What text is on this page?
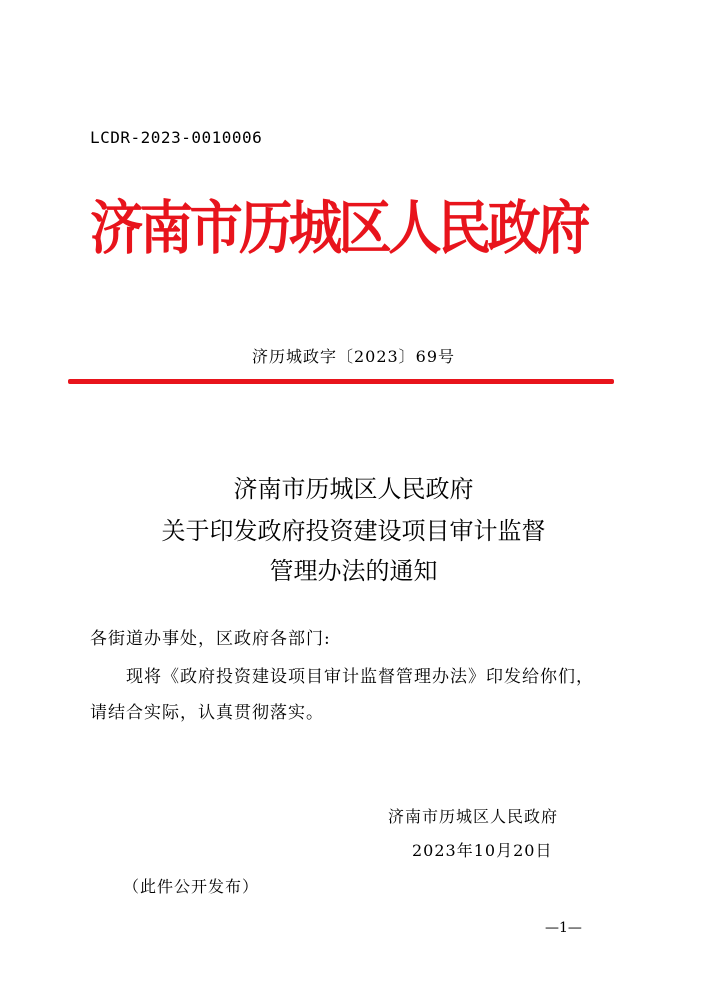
LCDR-2023-0010006
济南市历城区人民政府
济历城政字〔2023〕69号
济南市历城区人民政府
关于印发政府投资建设项目审计监督
管理办法的通知
各街道办事处，区政府各部门:
现将《政府投资建设项目审计监督管理办法》印发给你们，
请结合实际，认真贯彻落实。
济南市历城区人民政府
2023年10月20日
（此件公开发布）
—1—
